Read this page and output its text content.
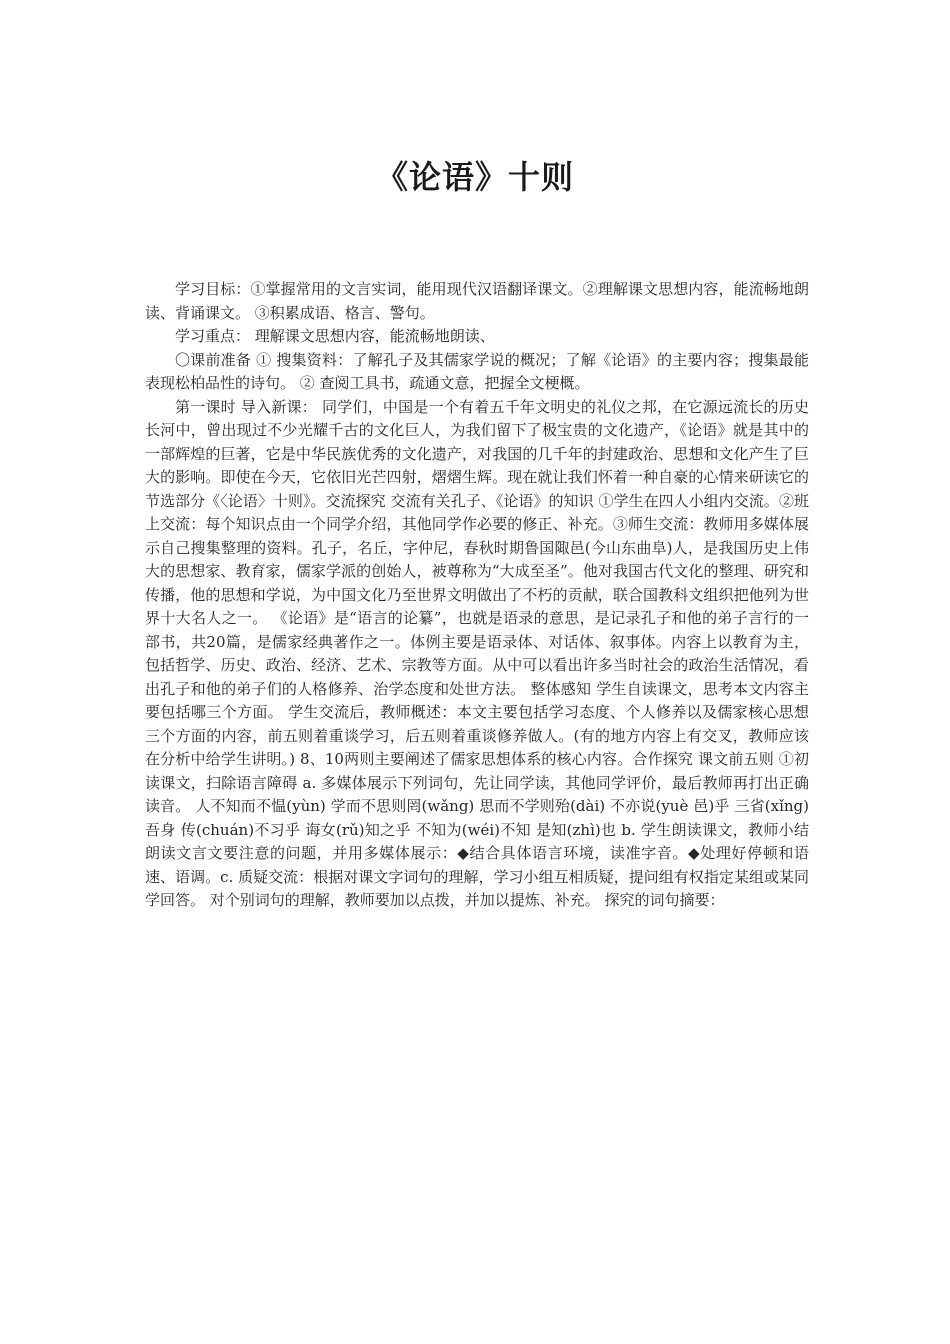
《论语》十则

学习目标：①掌握常用的文言实词，能用现代汉语翻译课文。②理解课文思想内容，能流畅地朗读、背诵课文。 ③积累成语、格言、警句。

学习重点： 理解课文思想内容，能流畅地朗读、

〇课前准备 ① 搜集资料：了解孔子及其儒家学说的概况；了解《论语》的主要内容；搜集最能表现松柏品性的诗句。 ② 查阅工具书，疏通文意，把握全文梗概。

第一课时 导入新课： 同学们，中国是一个有着五千年文明史的礼仪之邦，在它源远流长的历史长河中，曾出现过不少光耀千古的文化巨人，为我们留下了极宝贵的文化遗产，《论语》就是其中的一部辉煌的巨著，它是中华民族优秀的文化遗产，对我国的几千年的封建政治、思想和文化产生了巨大的影响。即使在今天，它依旧光芒四射，熠熠生辉。现在就让我们怀着一种自豪的心情来研读它的节选部分《〈论语〉十则》。交流探究 交流有关孔子、《论语》的知识 ①学生在四人小组内交流。②班上交流：每个知识点由一个同学介绍，其他同学作必要的修正、补充。③师生交流：教师用多媒体展示自己搜集整理的资料。孔子，名丘，字仲尼，春秋时期鲁国陬邑(今山东曲阜)人，是我国历史上伟大的思想家、教育家，儒家学派的创始人，被尊称为“大成至圣”。他对我国古代文化的整理、研究和传播，他的思想和学说，为中国文化乃至世界文明做出了不朽的贡献，联合国教科文组织把他列为世界十大名人之一。 《论语》是“语言的论纂”，也就是语录的意思，是记录孔子和他的弟子言行的一部书，共20篇，是儒家经典著作之一。体例主要是语录体、对话体、叙事体。内容上以教育为主，包括哲学、历史、政治、经济、艺术、宗教等方面。从中可以看出许多当时社会的政治生活情况，看出孔子和他的弟子们的人格修养、治学态度和处世方法。 整体感知 学生自读课文，思考本文内容主要包括哪三个方面。 学生交流后，教师概述：本文主要包括学习态度、个人修养以及儒家核心思想三个方面的内容，前五则着重谈学习，后五则着重谈修养做人。(有的地方内容上有交叉，教师应该在分析中给学生讲明。) 8、10两则主要阐述了儒家思想体系的核心内容。合作探究 课文前五则 ①初读课文，扫除语言障碍 a. 多媒体展示下列词句，先让同学读，其他同学评价，最后教师再打出正确读音。 人不知而不愠(yùn) 学而不思则罔(wǎng) 思而不学则殆(dài) 不亦说(yuè 邑)乎 三省(xǐng)吾身 传(chuán)不习乎 诲女(rǔ)知之乎 不知为(wéi)不知 是知(zhì)也 b. 学生朗读课文，教师小结朗读文言文要注意的问题，并用多媒体展示：◆结合具体语言环境，读准字音。◆处理好停顿和语速、语调。c. 质疑交流：根据对课文字词句的理解，学习小组互相质疑，提问组有权指定某组或某同学回答。 对个别词句的理解，教师要加以点拨，并加以提炼、补充。 探究的词句摘要：
